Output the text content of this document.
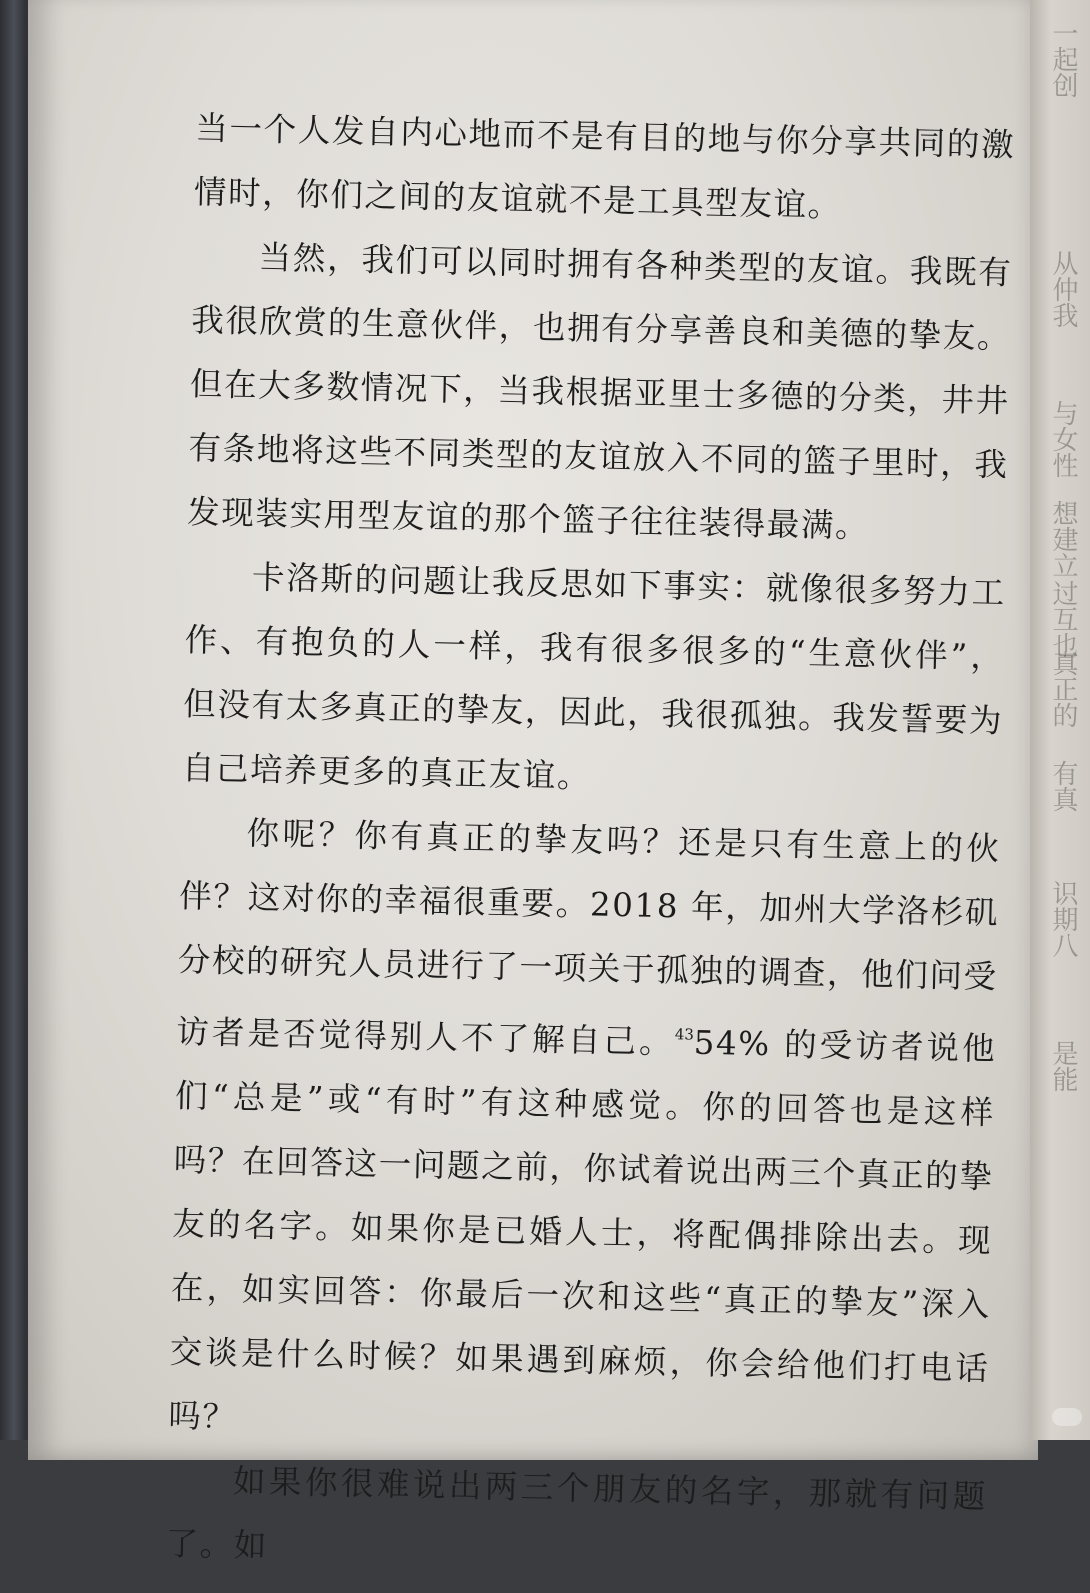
当一个人发自内心地而不是有目的地与你分享共同的激情时，你们之间的友谊就不是工具型友谊。

当然，我们可以同时拥有各种类型的友谊。我既有我很欣赏的生意伙伴，也拥有分享善良和美德的挚友。但在大多数情况下，当我根据亚里士多德的分类，井井有条地将这些不同类型的友谊放入不同的篮子里时，我发现装实用型友谊的那个篮子往往装得最满。

卡洛斯的问题让我反思如下事实：就像很多努力工作、有抱负的人一样，我有很多很多的“生意伙伴”，但没有太多真正的挚友，因此，我很孤独。我发誓要为自己培养更多的真正友谊。

你呢？你有真正的挚友吗？还是只有生意上的伙伴？这对你的幸福很重要。2018 年，加州大学洛杉矶分校的研究人员进行了一项关于孤独的调查，他们问受访者是否觉得别人不了解自己。$^{43}$54% 的受访者说他们“总是”或“有时”有这种感觉。你的回答也是这样吗？在回答这一问题之前，你试着说出两三个真正的挚友的名字。如果你是已婚人士，将配偶排除出去。现在，如实回答：你最后一次和这些“真正的挚友”深入交谈是什么时候？如果遇到麻烦，你会给他们打电话吗？

如果你很难说出两三个朋友的名字，那就有问题了。如

一起创
从仲我
与女性
想建立
过互也
真正的
有真
识期八
是能
